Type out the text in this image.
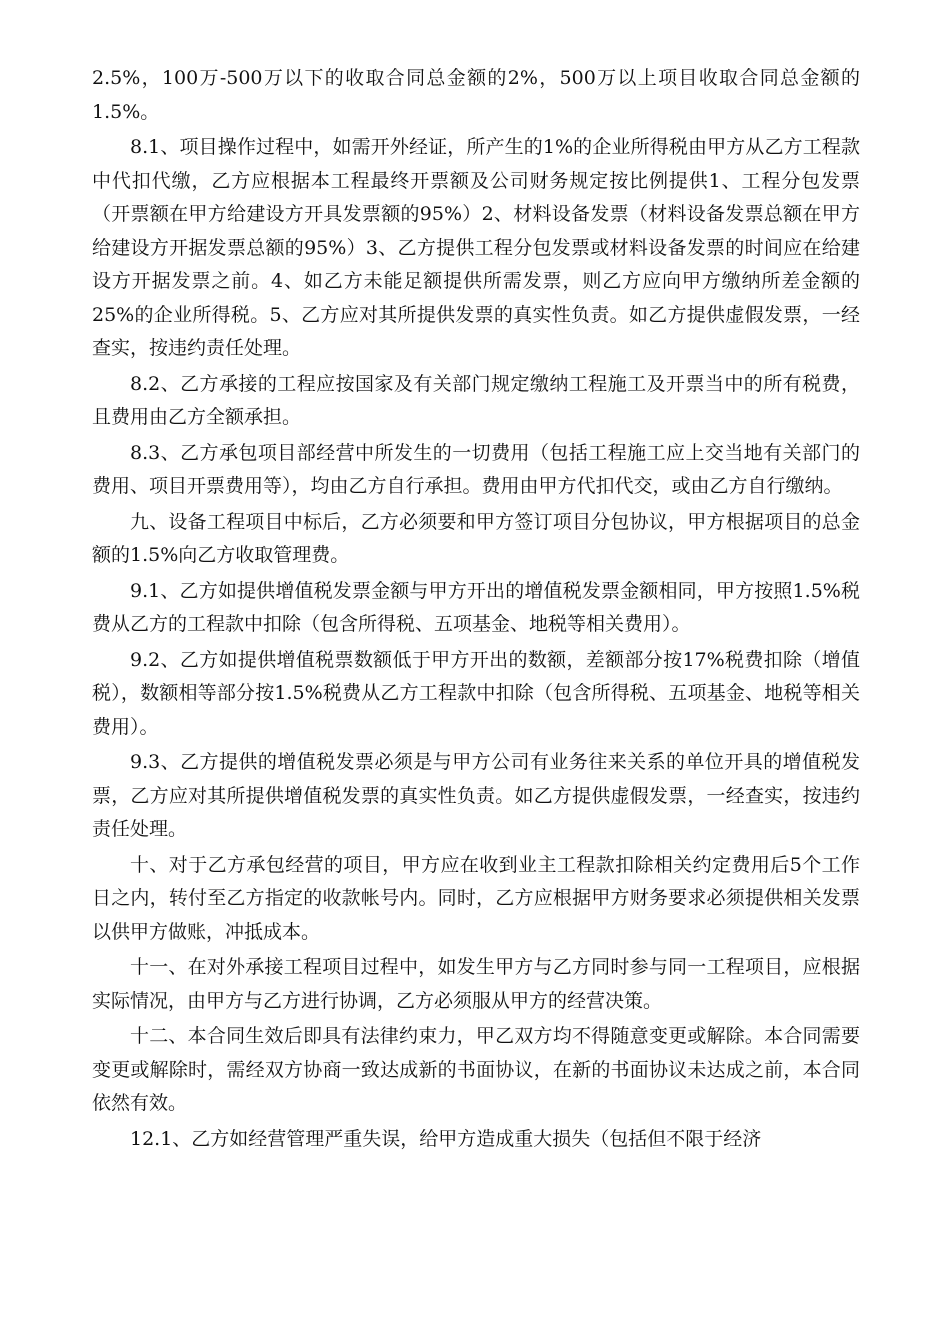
2.5%，100万-500万以下的收取合同总金额的2%，500万以上项目收取合同总金额的1.5%。

8.1、项目操作过程中，如需开外经证，所产生的1%的企业所得税由甲方从乙方工程款中代扣代缴，乙方应根据本工程最终开票额及公司财务规定按比例提供1、工程分包发票（开票额在甲方给建设方开具发票额的95%）2、材料设备发票（材料设备发票总额在甲方给建设方开据发票总额的95%）3、乙方提供工程分包发票或材料设备发票的时间应在给建设方开据发票之前。4、如乙方未能足额提供所需发票，则乙方应向甲方缴纳所差金额的25%的企业所得税。5、乙方应对其所提供发票的真实性负责。如乙方提供虚假发票，一经查实，按违约责任处理。

8.2、乙方承接的工程应按国家及有关部门规定缴纳工程施工及开票当中的所有税费，且费用由乙方全额承担。

8.3、乙方承包项目部经营中所发生的一切费用（包括工程施工应上交当地有关部门的费用、项目开票费用等），均由乙方自行承担。费用由甲方代扣代交，或由乙方自行缴纳。

九、设备工程项目中标后，乙方必须要和甲方签订项目分包协议，甲方根据项目的总金额的1.5%向乙方收取管理费。

9.1、乙方如提供增值税发票金额与甲方开出的增值税发票金额相同，甲方按照1.5%税费从乙方的工程款中扣除（包含所得税、五项基金、地税等相关费用）。

9.2、乙方如提供增值税票数额低于甲方开出的数额，差额部分按17%税费扣除（增值税），数额相等部分按1.5%税费从乙方工程款中扣除（包含所得税、五项基金、地税等相关费用）。

9.3、乙方提供的增值税发票必须是与甲方公司有业务往来关系的单位开具的增值税发票，乙方应对其所提供增值税发票的真实性负责。如乙方提供虚假发票，一经查实，按违约责任处理。

十、对于乙方承包经营的项目，甲方应在收到业主工程款扣除相关约定费用后5个工作日之内，转付至乙方指定的收款帐号内。同时，乙方应根据甲方财务要求必须提供相关发票以供甲方做账，冲抵成本。

十一、在对外承接工程项目过程中，如发生甲方与乙方同时参与同一工程项目，应根据实际情况，由甲方与乙方进行协调，乙方必须服从甲方的经营决策。

十二、本合同生效后即具有法律约束力，甲乙双方均不得随意变更或解除。本合同需要变更或解除时，需经双方协商一致达成新的书面协议，在新的书面协议未达成之前，本合同依然有效。

12.1、乙方如经营管理严重失误，给甲方造成重大损失（包括但不限于经济
